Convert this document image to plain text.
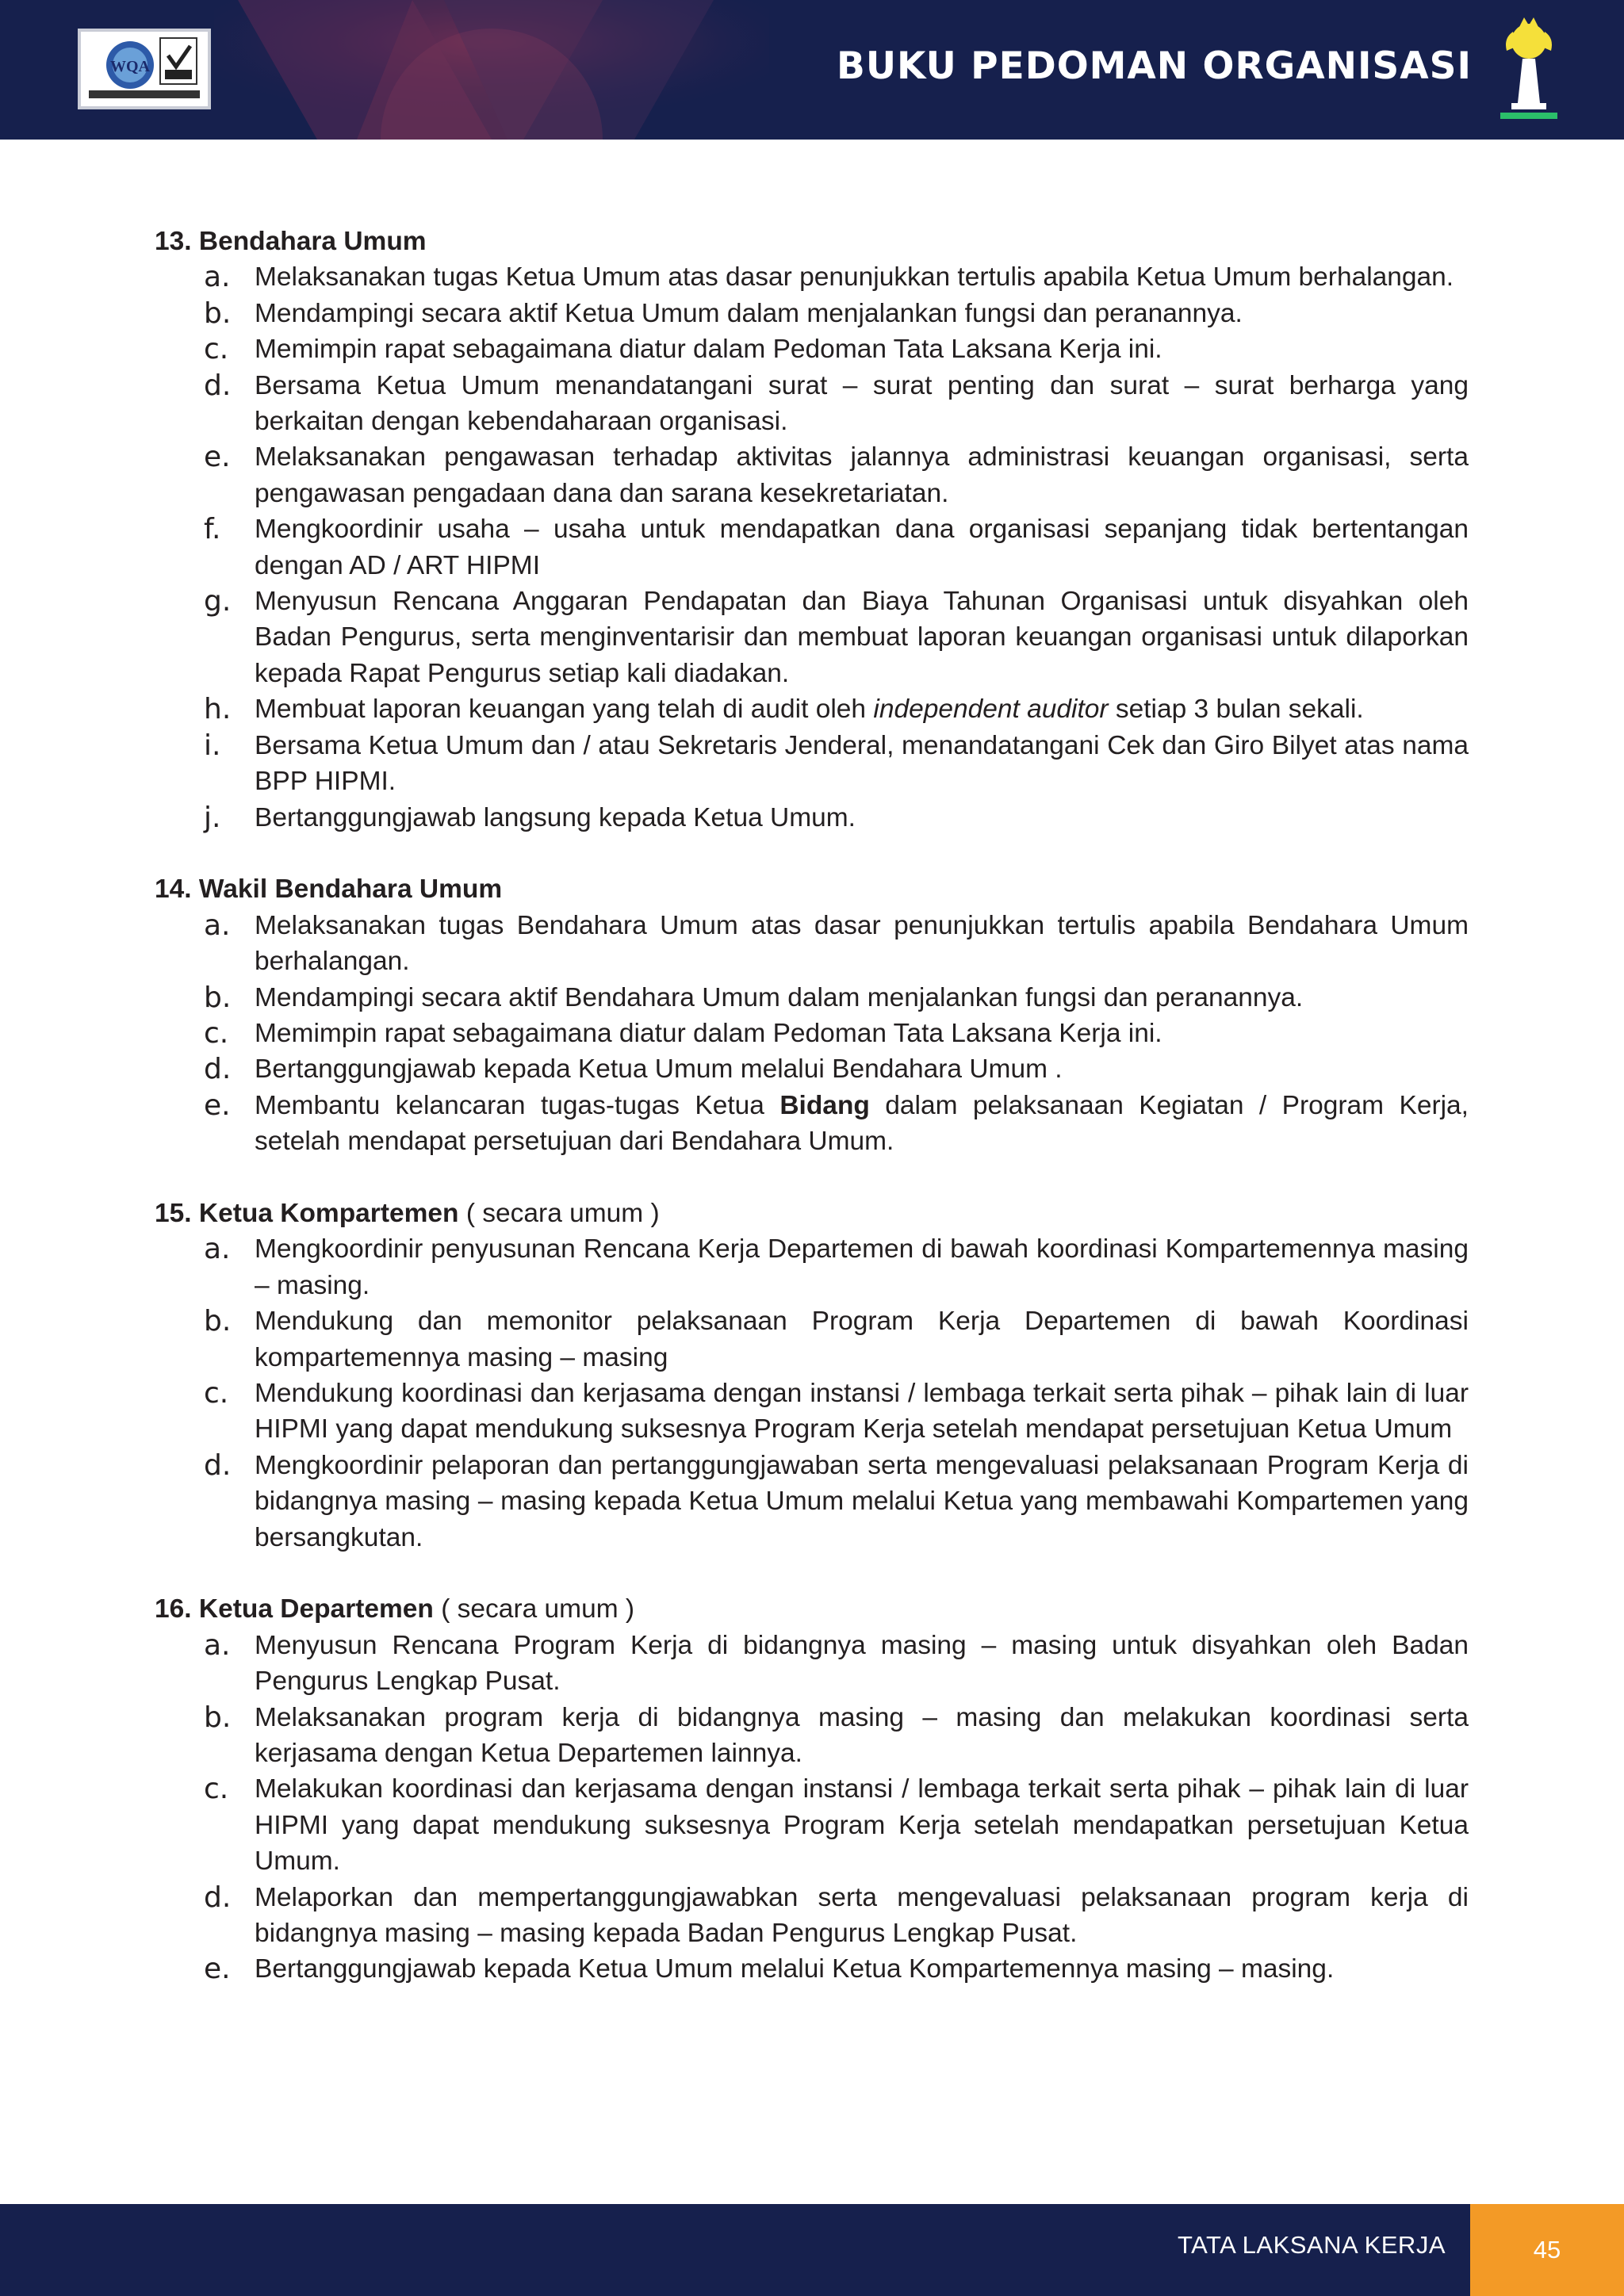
WQA	BUKU PEDOMAN ORGANISASI

13. Bendahara Umum

a. Melaksanakan tugas Ketua Umum atas dasar penunjukkan tertulis apabila Ketua Umum berhalangan.
b. Mendampingi secara aktif Ketua Umum dalam menjalankan fungsi dan peranannya.
c. Memimpin rapat sebagaimana diatur dalam Pedoman Tata Laksana Kerja ini.
d. Bersama Ketua Umum menandatangani surat – surat penting dan surat – surat berharga yang berkaitan dengan kebendaharaan organisasi.
e. Melaksanakan pengawasan terhadap aktivitas jalannya administrasi keuangan organisasi, serta pengawasan pengadaan dana dan sarana kesekretariatan.
f. Mengkoordinir usaha – usaha untuk mendapatkan dana organisasi sepanjang tidak bertentangan dengan AD / ART HIPMI
g. Menyusun Rencana Anggaran Pendapatan dan Biaya Tahunan Organisasi untuk disyahkan oleh Badan Pengurus, serta menginventarisir dan membuat laporan keuangan organisasi untuk dilaporkan kepada Rapat Pengurus setiap kali diadakan.
h. Membuat laporan keuangan yang telah di audit oleh independent auditor setiap 3 bulan sekali.
i. Bersama Ketua Umum dan / atau Sekretaris Jenderal, menandatangani Cek dan Giro Bilyet atas nama BPP HIPMI.
j. Bertanggungjawab langsung kepada Ketua Umum.

14. Wakil Bendahara Umum

a. Melaksanakan tugas Bendahara Umum atas dasar penunjukkan tertulis apabila Bendahara Umum berhalangan.
b. Mendampingi secara aktif Bendahara Umum dalam menjalankan fungsi dan peranannya.
c. Memimpin rapat sebagaimana diatur dalam Pedoman Tata Laksana Kerja ini.
d. Bertanggungjawab kepada Ketua Umum melalui Bendahara Umum .
e. Membantu kelancaran tugas-tugas Ketua Bidang dalam pelaksanaan Kegiatan / Program Kerja, setelah mendapat persetujuan dari Bendahara Umum.

15. Ketua Kompartemen ( secara umum )

a. Mengkoordinir penyusunan Rencana Kerja Departemen di bawah koordinasi Kompartemennya masing – masing.
b. Mendukung dan memonitor pelaksanaan Program Kerja Departemen di bawah Koordinasi kompartemennya masing – masing
c. Mendukung koordinasi dan kerjasama dengan instansi / lembaga terkait serta pihak – pihak lain di luar HIPMI yang dapat mendukung suksesnya Program Kerja setelah mendapat persetujuan Ketua Umum
d. Mengkoordinir pelaporan dan pertanggungjawaban serta mengevaluasi pelaksanaan Program Kerja di bidangnya masing – masing kepada Ketua Umum melalui Ketua yang membawahi Kompartemen yang bersangkutan.

16. Ketua Departemen ( secara umum )

a. Menyusun Rencana Program Kerja di bidangnya masing – masing untuk disyahkan oleh Badan Pengurus Lengkap Pusat.
b. Melaksanakan program kerja di bidangnya masing – masing dan melakukan koordinasi serta kerjasama dengan Ketua Departemen lainnya.
c. Melakukan koordinasi dan kerjasama dengan instansi / lembaga terkait serta pihak – pihak lain di luar HIPMI yang dapat mendukung suksesnya Program Kerja setelah mendapatkan persetujuan Ketua Umum.
d. Melaporkan dan mempertanggungjawabkan serta mengevaluasi pelaksanaan program kerja di bidangnya masing – masing kepada Badan Pengurus Lengkap Pusat.
e. Bertanggungjawab kepada Ketua Umum melalui Ketua Kompartemennya masing – masing.
TATA LAKSANA KERJA	45
